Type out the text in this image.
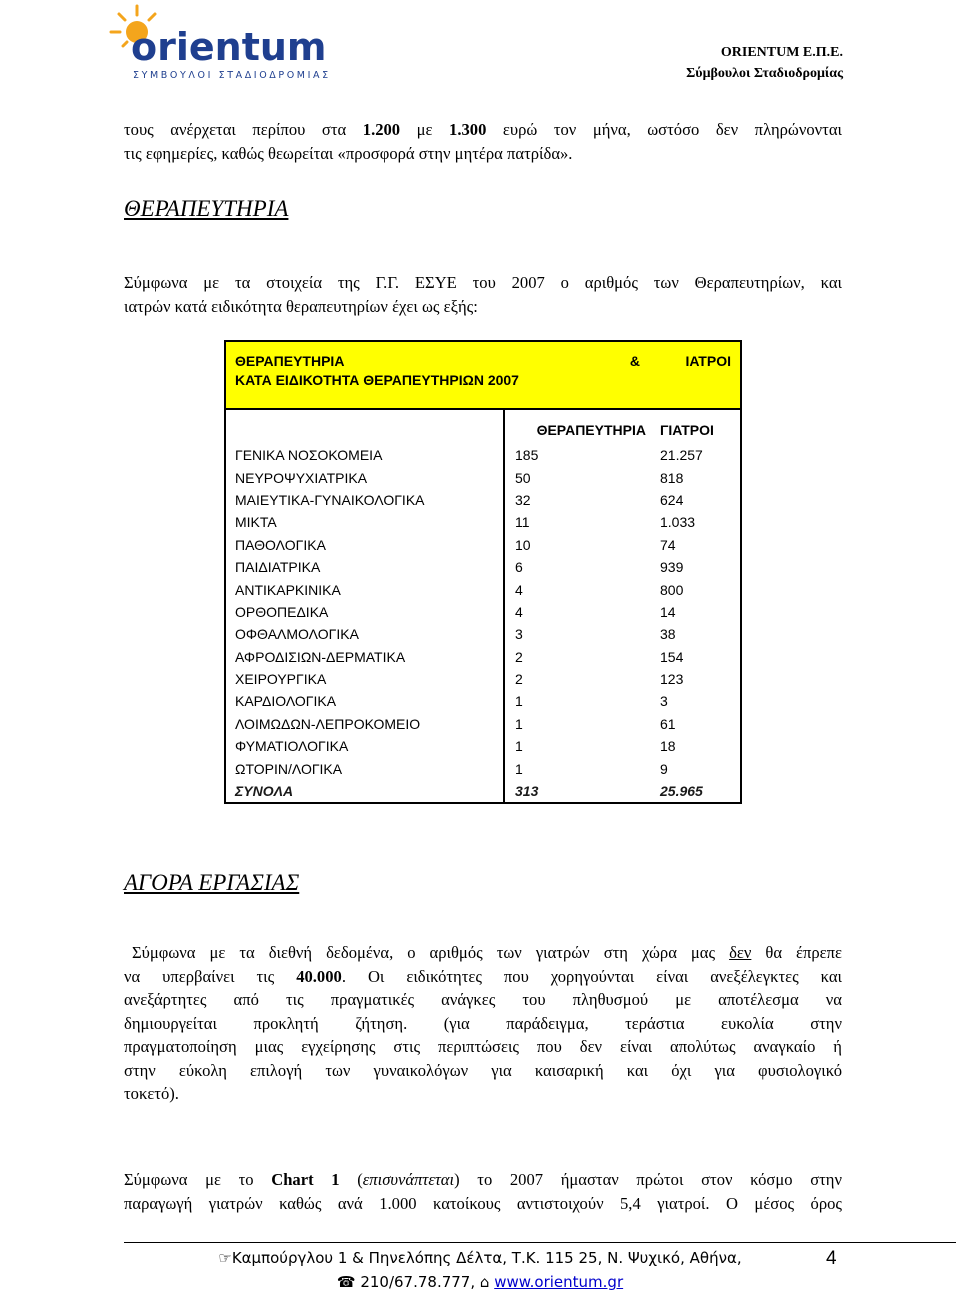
orientum
ΣΥΜΒΟΥΛΟΙ ΣΤΑΔΙΟΔΡΟΜΙΑΣ
ORIENTUM Ε.Π.Ε.
Σύμβουλοι Σταδιοδρομίας
τους ανέρχεται περίπου στα 1.200 με 1.300 ευρώ τον μήνα, ωστόσο δεν πληρώνονται
τις εφημερίες, καθώς θεωρείται «προσφορά στην μητέρα πατρίδα».
ΘΕΡΑΠΕΥΤΗΡΙΑ
Σύμφωνα με τα στοιχεία της Γ.Γ. ΕΣΥΕ του 2007 ο αριθμός των Θεραπευτηρίων, και
ιατρών κατά ειδικότητα θεραπευτηρίων έχει ως εξής:
ΘΕΡΑΠΕΥΤΗΡΙΑ	&	ΙΑΤΡΟΙ
ΚΑΤΑ ΕΙΔΙΚΟΤΗΤΑ ΘΕΡΑΠΕΥΤΗΡΙΩΝ 2007
	ΘΕΡΑΠΕΥΤΗΡΙΑ	ΓΙΑΤΡΟΙ
ΓΕΝΙΚΑ ΝΟΣΟΚΟΜΕΙΑ	185	21.257
ΝΕΥΡΟΨΥΧΙΑΤΡΙΚΑ	50	818
ΜΑΙΕΥΤΙΚΑ-ΓΥΝΑΙΚΟΛΟΓΙΚΑ	32	624
ΜΙΚΤΑ	11	1.033
ΠΑΘΟΛΟΓΙΚΑ	10	74
ΠΑΙΔΙΑΤΡΙΚΑ	6	939
ΑΝΤΙΚΑΡΚΙΝΙΚΑ	4	800
ΟΡΘΟΠΕΔΙΚΑ	4	14
ΟΦΘΑΛΜΟΛΟΓΙΚΑ	3	38
ΑΦΡΟΔΙΣΙΩΝ-ΔΕΡΜΑΤΙΚΑ	2	154
ΧΕΙΡΟΥΡΓΙΚΑ	2	123
ΚΑΡΔΙΟΛΟΓΙΚΑ	1	3
ΛΟΙΜΩΔΩΝ-ΛΕΠΡΟΚΟΜΕΙΟ	1	61
ΦΥΜΑΤΙΟΛΟΓΙΚΑ	1	18
ΩΤΟΡΙΝ/ΛΟΓΙΚΑ	1	9
ΣΥΝΟΛΑ	313	25.965
ΑΓΟΡΑ ΕΡΓΑΣΙΑΣ
Σύμφωνα με τα διεθνή δεδομένα, ο αριθμός των γιατρών στη χώρα μας δεν θα έπρεπε
να υπερβαίνει τις 40.000. Οι ειδικότητες που χορηγούνται είναι ανεξέλεγκτες και
ανεξάρτητες από τις πραγματικές ανάγκες του πληθυσμού με αποτέλεσμα να
δημιουργείται προκλητή ζήτηση. (για παράδειγμα, τεράστια ευκολία στην
πραγματοποίηση μιας εγχείρησης στις περιπτώσεις που δεν είναι απολύτως αναγκαίο ή
στην εύκολη επιλογή των γυναικολόγων για καισαρική και όχι για φυσιολογικό
τοκετό).
Σύμφωνα με το Chart 1 (επισυνάπτεται) το 2007 ήμασταν πρώτοι στον κόσμο στην
παραγωγή γιατρών καθώς ανά 1.000 κατοίκους αντιστοιχούν 5,4 γιατροί. Ο μέσος όρος
☞Καμπούργλου 1 & Πηνελόπης Δέλτα, Τ.Κ. 115 25, Ν. Ψυχικό, Αθήνα,
☎ 210/67.78.777, ⌂ www.orientum.gr
4
